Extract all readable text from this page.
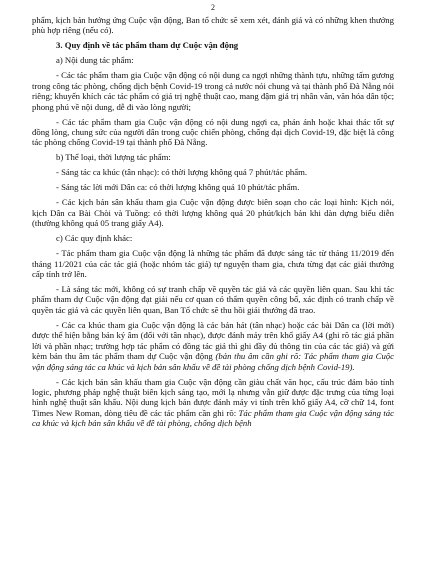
2

phẩm, kịch bản hưởng ứng Cuộc vận động, Ban tổ chức sẽ xem xét, đánh giá và có những khen thưởng phù hợp riêng (nếu có).

3. Quy định về tác phẩm tham dự Cuộc vận động

a) Nội dung tác phẩm:

- Các tác phẩm tham gia Cuộc vận động có nội dung ca ngợi những thành tựu, những tấm gương trong công tác phòng, chống dịch bệnh Covid-19 trong cả nước nói chung và tại thành phố Đà Nẵng nói riêng; khuyến khích các tác phẩm có giá trị nghệ thuật cao, mang đậm giá trị nhân văn, văn hóa dân tộc; phong phú về nội dung, dễ đi vào lòng người;

- Các tác phẩm tham gia Cuộc vận động có nội dung ngợi ca, phản ánh hoặc khai thác tốt sự đồng lòng, chung sức của người dân trong cuộc chiến phòng, chống đại dịch Covid-19, đặc biệt là công tác phòng chống Covid-19 tại thành phố Đà Nẵng.

b) Thể loại, thời lượng tác phẩm:

- Sáng tác ca khúc (tân nhạc): có thời lượng không quá 7 phút/tác phẩm.

- Sáng tác lời mới Dân ca: có thời lượng không quá 10 phút/tác phẩm.

- Các kịch bản sân khấu tham gia Cuộc vận động được biên soạn cho các loại hình: Kịch nói, kịch Dân ca Bài Chòi và Tuồng: có thời lượng không quá 20 phút/kịch bản khi dàn dựng biểu diễn (thường không quá 05 trang giấy A4).

c) Các quy định khác:

- Tác phẩm tham gia Cuộc vận động là những tác phẩm đã được sáng tác từ tháng 11/2019 đến tháng 11/2021 của các tác giả (hoặc nhóm tác giả) tự nguyện tham gia, chưa từng đạt các giải thưởng cấp tỉnh trở lên.

- Là sáng tác mới, không có sự tranh chấp về quyền tác giả và các quyền liên quan. Sau khi tác phẩm tham dự Cuộc vận động đạt giải nếu cơ quan có thẩm quyền công bố, xác định có tranh chấp về quyền tác giả và các quyền liên quan, Ban Tổ chức sẽ thu hồi giải thưởng đã trao.

- Các ca khúc tham gia Cuộc vận động là các bản hát (tân nhạc) hoặc các bài Dân ca (lời mới) được thể hiện bằng bản ký âm (đối với tân nhạc), được đánh máy trên khổ giấy A4 (ghi rõ tác giả phần lời và phần nhạc; trường hợp tác phẩm có đồng tác giả thì ghi đầy đủ thông tin của các tác giả) và gửi kèm bản thu âm tác phẩm tham dự Cuộc vận động (bản thu âm cần ghi rõ: Tác phẩm tham gia Cuộc vận động sáng tác ca khúc và kịch bản sân khấu về đề tài phòng chống dịch bệnh Covid-19).

- Các kịch bản sân khấu tham gia Cuộc vận động cần giàu chất văn học, cấu trúc đảm bảo tính logic, phương pháp nghệ thuật biên kịch sáng tạo, mới lạ nhưng vẫn giữ được đặc trưng của từng loại hình nghệ thuật sân khấu. Nội dung kịch bản được đánh máy vi tính trên khổ giấy A4, cỡ chữ 14, font Times New Roman, dòng tiêu đề các tác phẩm cần ghi rõ: Tác phẩm tham gia Cuộc vận động sáng tác ca khúc và kịch bản sân khấu về đề tài phòng, chống dịch bệnh
